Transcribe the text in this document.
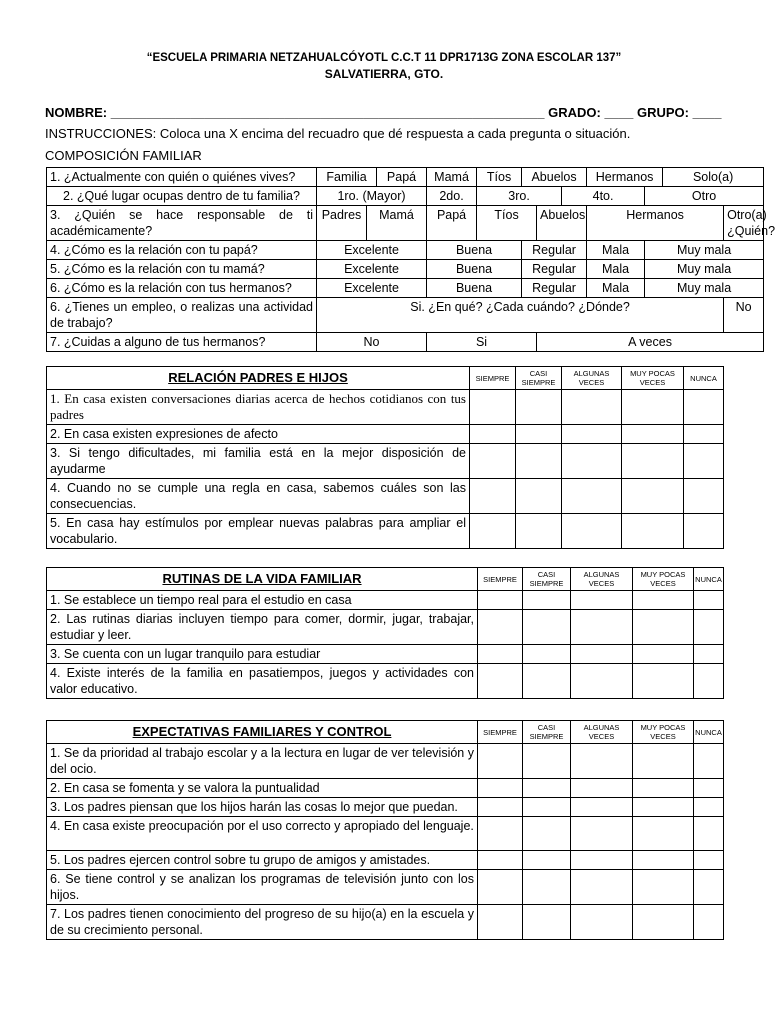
“ESCUELA PRIMARIA NETZAHUALCÓYOTL C.C.T 11 DPR1713G ZONA ESCOLAR 137”
SALVATIERRA, GTO.
NOMBRE: ____________________________________________________________ GRADO: ____ GRUPO: ____
INSTRUCCIONES: Coloca una X encima del recuadro que dé respuesta a cada pregunta o situación.
COMPOSICIÓN FAMILIAR
1. ¿Actualmente con quién o quiénes vives?	Familia		Papá	Mamá	Tíos	Abuelos			Hermanos		Solo(a)	
2. ¿Qué lugar ocupas dentro de tu familia?	1ro. (Mayor)			2do.	3ro.			4to.		Otro		
3. ¿Quién se hace responsable de ti académicamente?	Padres	Mamá		Papá	Tíos		Abuelos		Hermanos			Otro(a) ¿Quién?
4. ¿Cómo es la relación con tu papá?	Excelente			Buena		Regular			Mala	Muy mala		
5. ¿Cómo es la relación con tu mamá?	Excelente			Buena		Regular			Mala	Muy mala		
6. ¿Cómo es la relación con tus hermanos?	Excelente			Buena		Regular			Mala	Muy mala		
6. ¿Tienes un empleo, o realizas una actividad de trabajo?	Si. ¿En qué? ¿Cada cuándo? ¿Dónde?											No
7. ¿Cuidas a alguno de tus hermanos?	No			Si			A veces					
RELACIÓN PADRES E HIJOS	SIEMPRE	CASI SIEMPRE	ALGUNAS VECES	MUY POCAS VECES	NUNCA
1. En casa existen conversaciones diarias acerca de hechos cotidianos con tus padres					
2. En casa existen expresiones de afecto					
3. Si tengo dificultades, mi familia está en la mejor disposición de ayudarme					
4. Cuando no se cumple una regla en casa, sabemos cuáles son las consecuencias.					
5. En casa hay estímulos por emplear nuevas palabras para ampliar el vocabulario.					
RUTINAS DE LA VIDA FAMILIAR	SIEMPRE	CASI SIEMPRE	ALGUNAS VECES	MUY POCAS VECES	NUNCA
1. Se establece un tiempo real para el estudio en casa					
2. Las rutinas diarias incluyen tiempo para comer, dormir, jugar, trabajar, estudiar y leer.					
3. Se cuenta con un lugar tranquilo para estudiar					
4. Existe interés de la familia en pasatiempos, juegos y actividades con valor educativo.					
EXPECTATIVAS FAMILIARES Y CONTROL	SIEMPRE	CASI SIEMPRE	ALGUNAS VECES	MUY POCAS VECES	NUNCA
1. Se da prioridad al trabajo escolar y a la lectura en lugar de ver televisión y del ocio.					
2. En casa se fomenta y se valora la puntualidad					
3. Los padres piensan que los hijos harán las cosas lo mejor que puedan.					
4. En casa existe preocupación por el uso correcto y apropiado del lenguaje.					
5. Los padres ejercen control sobre tu grupo de amigos y amistades.					
6. Se tiene control y se analizan los programas de televisión junto con los hijos.					
7. Los padres tienen conocimiento del progreso de su hijo(a) en la escuela y de su crecimiento personal.					
